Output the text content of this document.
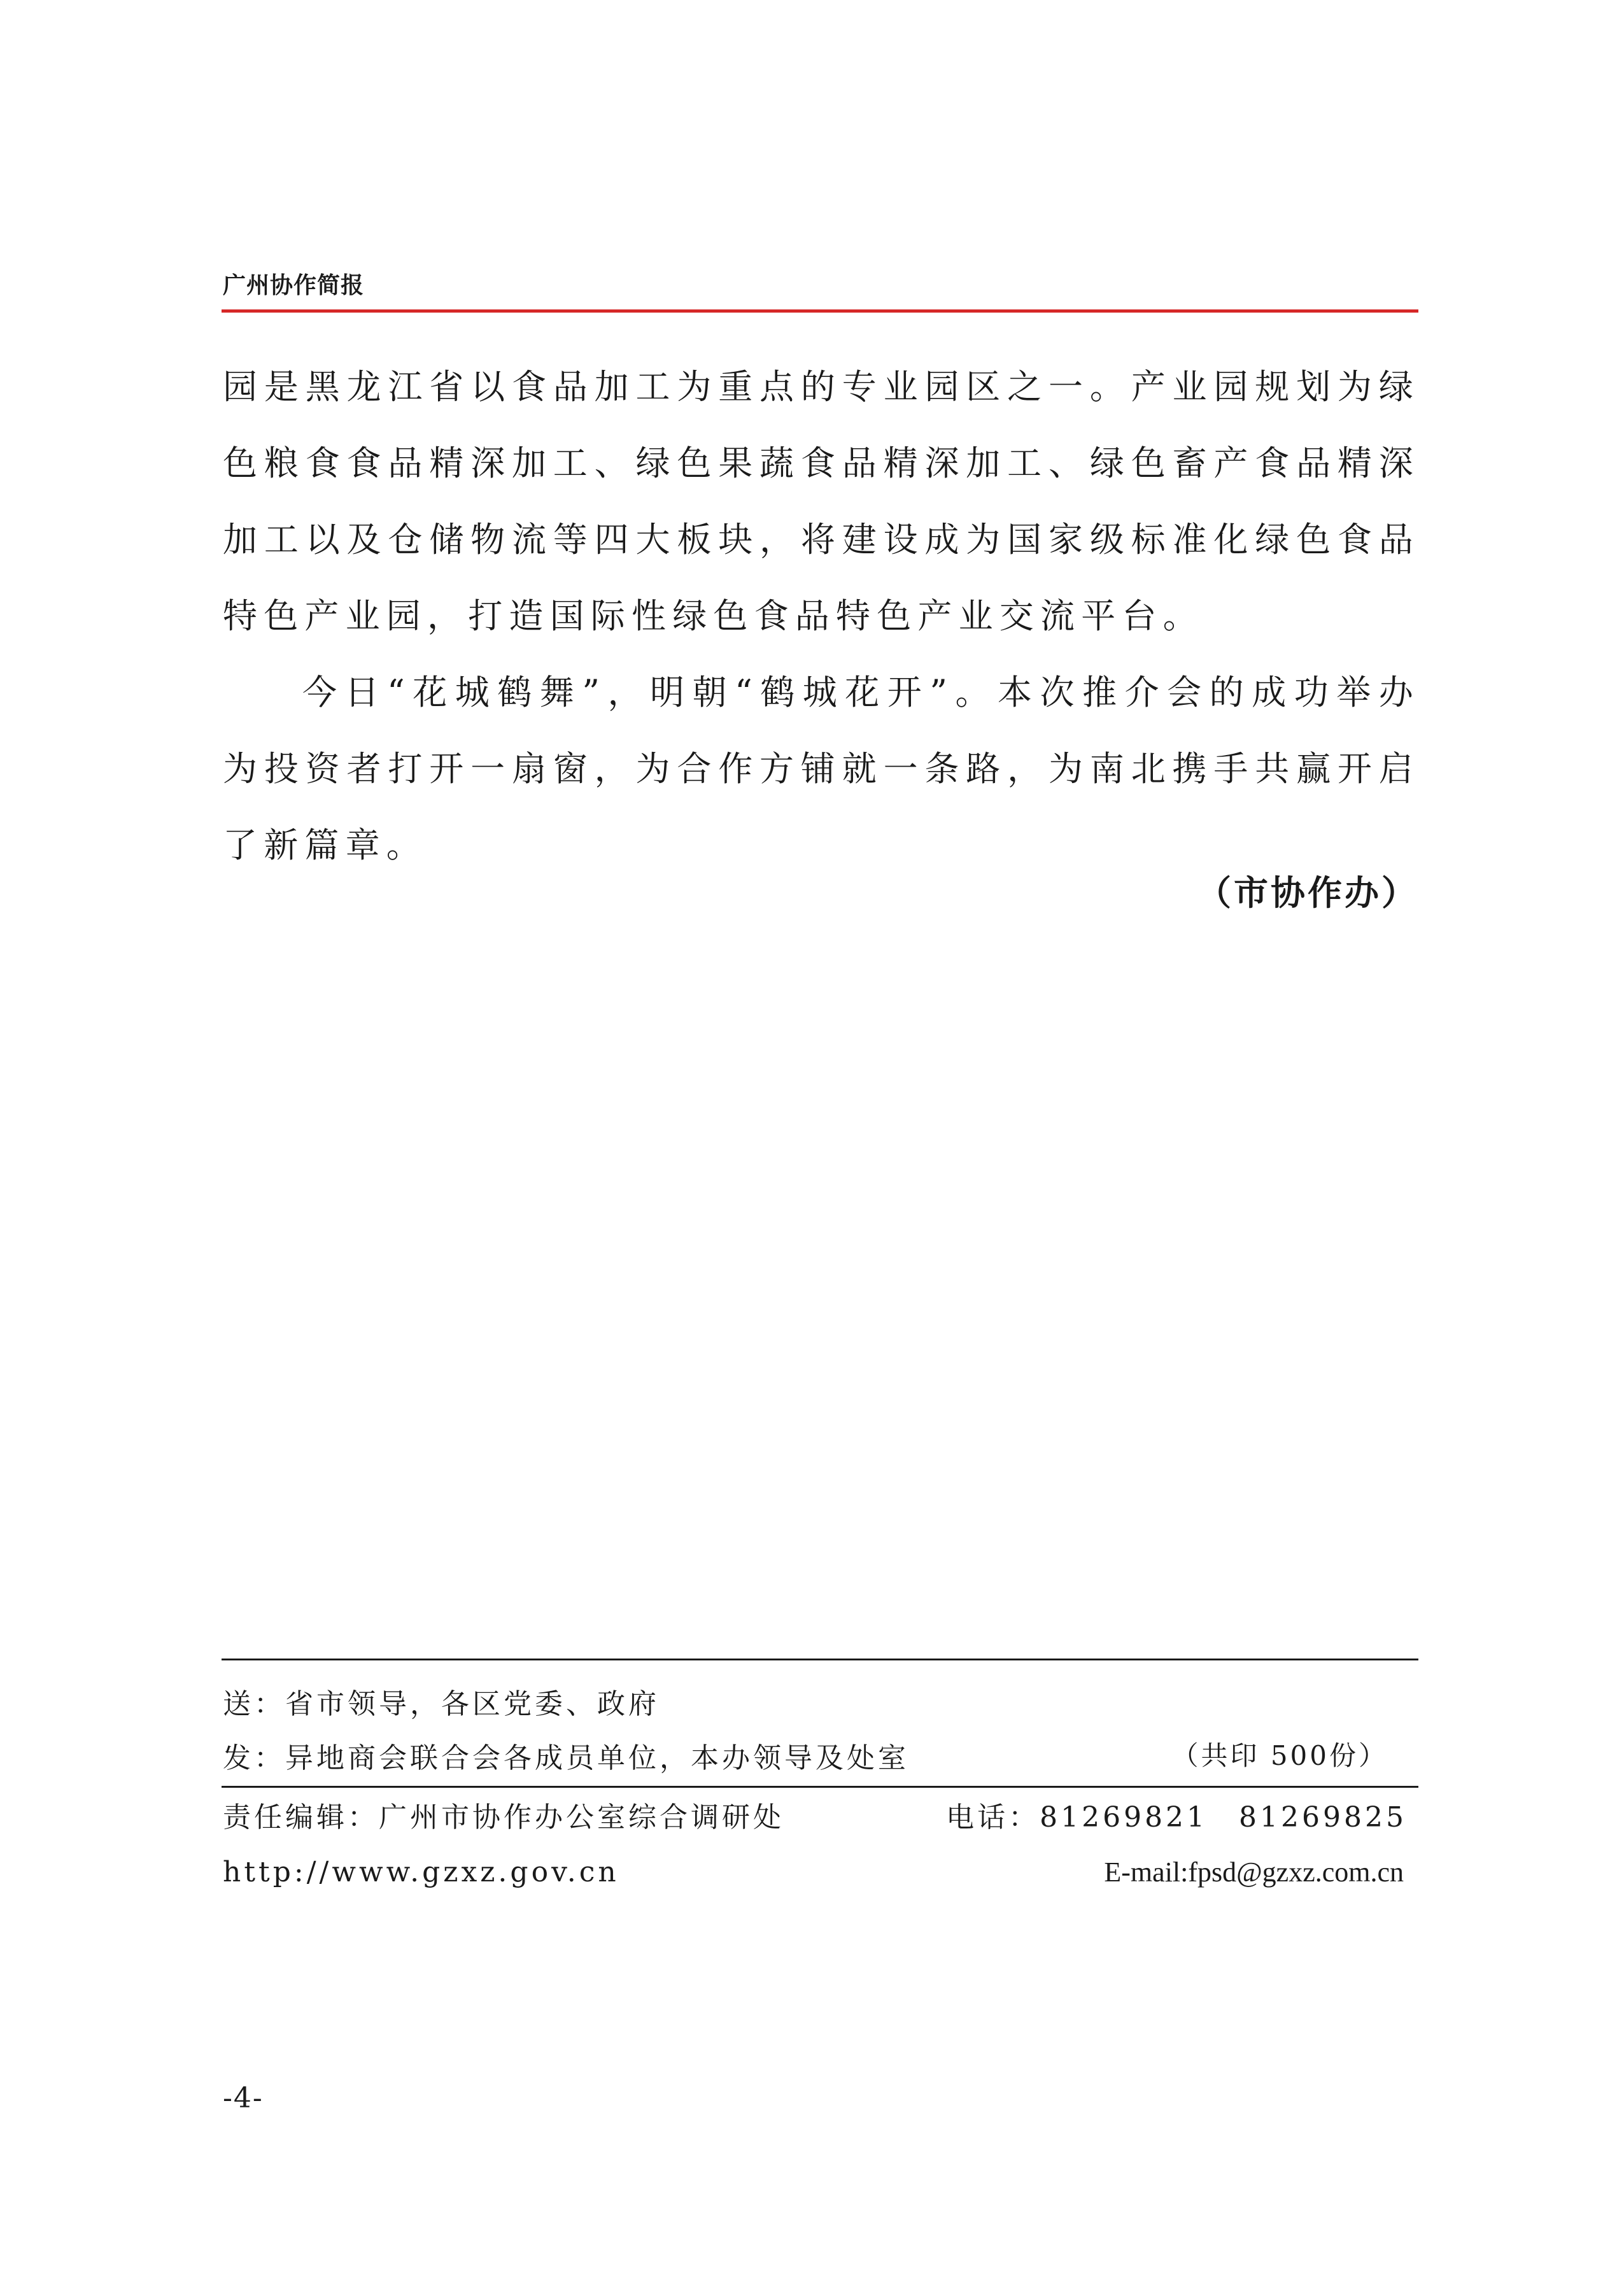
广州协作简报

园是黑龙江省以食品加工为重点的专业园区之一。产业园规划为绿色粮食食品精深加工、绿色果蔬食品精深加工、绿色畜产食品精深加工以及仓储物流等四大板块，将建设成为国家级标准化绿色食品特色产业园，打造国际性绿色食品特色产业交流平台。

今日“花城鹤舞”，明朝“鹤城花开”。本次推介会的成功举办为投资者打开一扇窗，为合作方铺就一条路，为南北携手共赢开启了新篇章。

（市协作办）
送：省市领导，各区党委、政府
发：异地商会联合会各成员单位，本办领导及处室	（共印 500份）
责任编辑：广州市协作办公室综合调研处	电话：81269821　81269825
http://www.gzxz.gov.cn	E-mail:fpsd@gzxz.com.cn
-4-
